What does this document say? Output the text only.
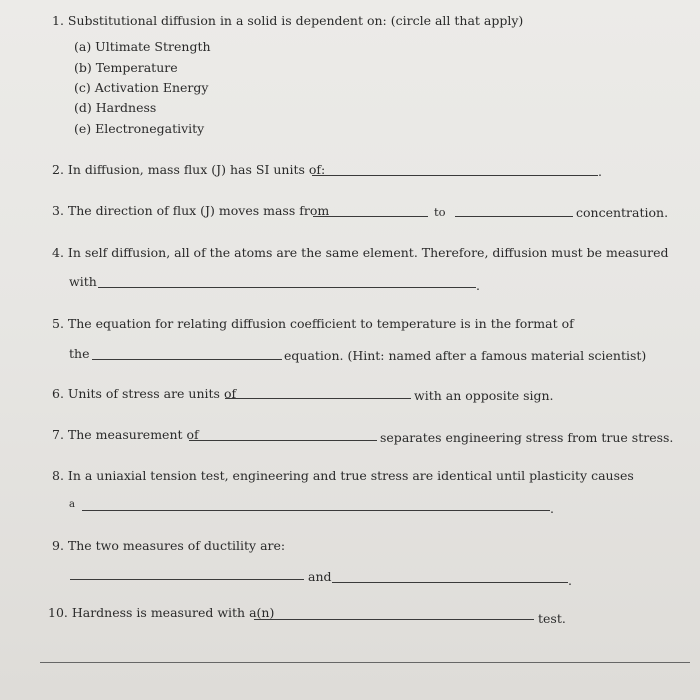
1. Substitutional diffusion in a solid is dependent on: (circle all that apply)
(a) Ultimate Strength
(b) Temperature
(c) Activation Energy
(d) Hardness
(e) Electronegativity
2. In diffusion, mass flux (J) has SI units of:	.
3. The direction of flux (J) moves mass from	to	concentration.
4. In self diffusion, all of the atoms are the same element. Therefore, diffusion must be measured
with	.
5. The equation for relating diffusion coefficient to temperature is in the format of
the	equation. (Hint: named after a famous material scientist)
6. Units of stress are units of	with an opposite sign.
7. The measurement of	separates engineering stress from true stress.
8. In a uniaxial tension test, engineering and true stress are identical until plasticity causes
a	.
9. The two measures of ductility are:
and	.
10. Hardness is measured with a(n)	test.
